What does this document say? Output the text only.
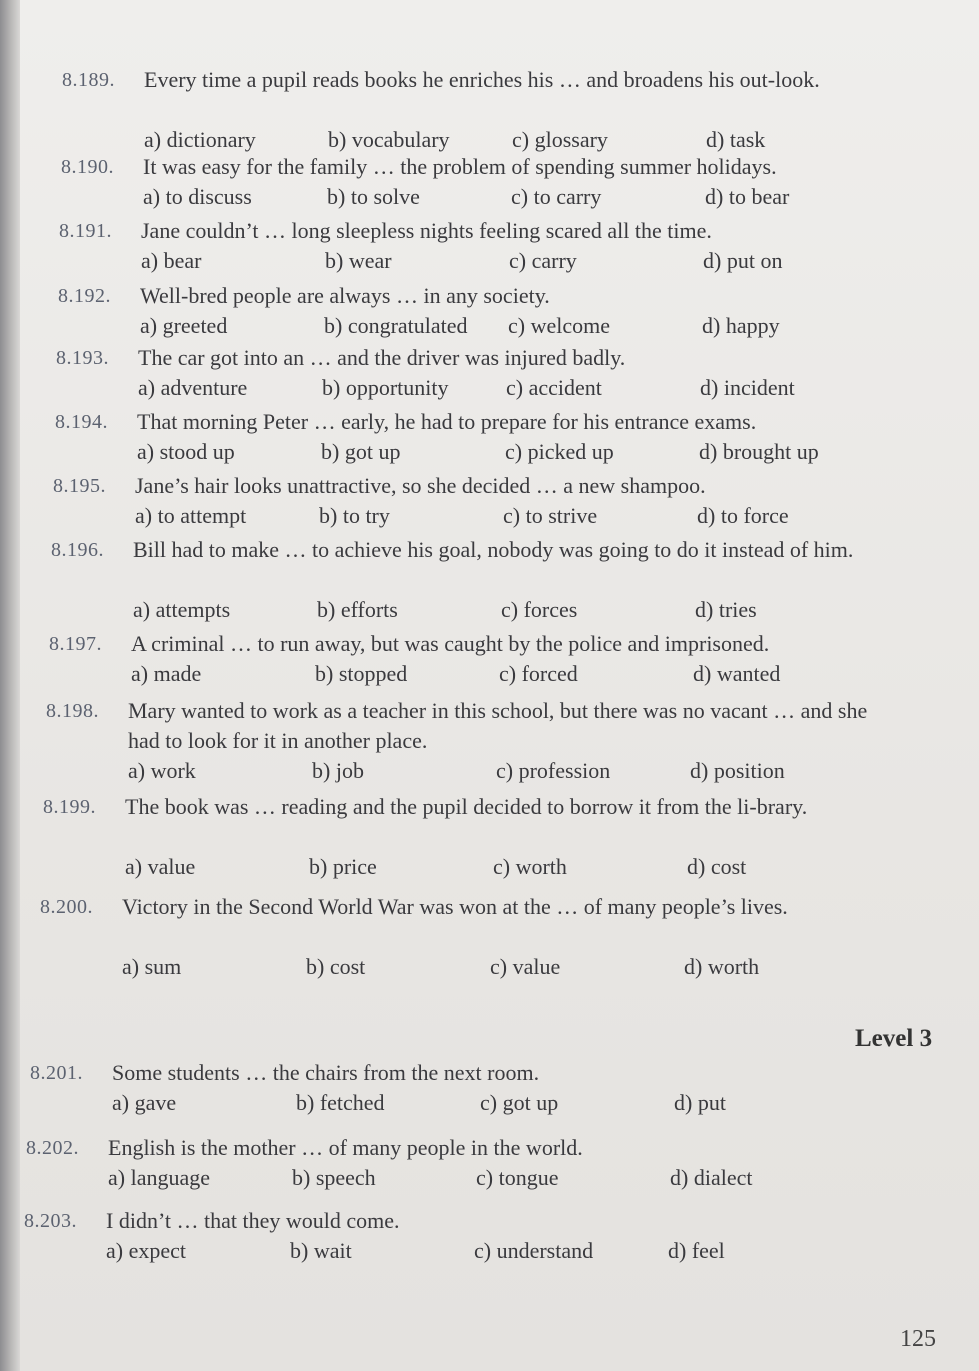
8.189. Every time a pupil reads books he enriches his … and broadens his out-look.
a) dictionary	b) vocabulary	c) glossary	d) task
8.190. It was easy for the family … the problem of spending summer holidays.
a) to discuss	b) to solve	c) to carry	d) to bear
8.191. Jane couldn’t … long sleepless nights feeling scared all the time.
a) bear	b) wear	c) carry	d) put on
8.192. Well-bred people are always … in any society.
a) greeted	b) congratulated c) welcome	d) happy
8.193. The car got into an … and the driver was injured badly.
a) adventure	b) opportunity	c) accident	d) incident
8.194. That morning Peter … early, he had to prepare for his entrance exams.
a) stood up	b) got up	c) picked up	d) brought up
8.195. Jane’s hair looks unattractive, so she decided … a new shampoo.
a) to attempt	b) to try	c) to strive	d) to force
8.196. Bill had to make … to achieve his goal, nobody was going to do it instead of him.
a) attempts	b) efforts	c) forces	d) tries
8.197. A criminal … to run away, but was caught by the police and imprisoned.
a) made	b) stopped	c) forced	d) wanted
8.198. Mary wanted to work as a teacher in this school, but there was no vacant … and she had to look for it in another place.
a) work	b) job	c) profession	d) position
8.199. The book was … reading and the pupil decided to borrow it from the li-brary.
a) value	b) price	c) worth	d) cost
8.200. Victory in the Second World War was won at the … of many people’s lives.
a) sum	b) cost	c) value	d) worth
8.201. Some students … the chairs from the next room.
a) gave	b) fetched	c) got up	d) put
8.202. English is the mother … of many people in the world.
a) language	b) speech	c) tongue	d) dialect
8.203. I didn’t … that they would come.
a) expect	b) wait	c) understand	d) feel
Level 3
125
